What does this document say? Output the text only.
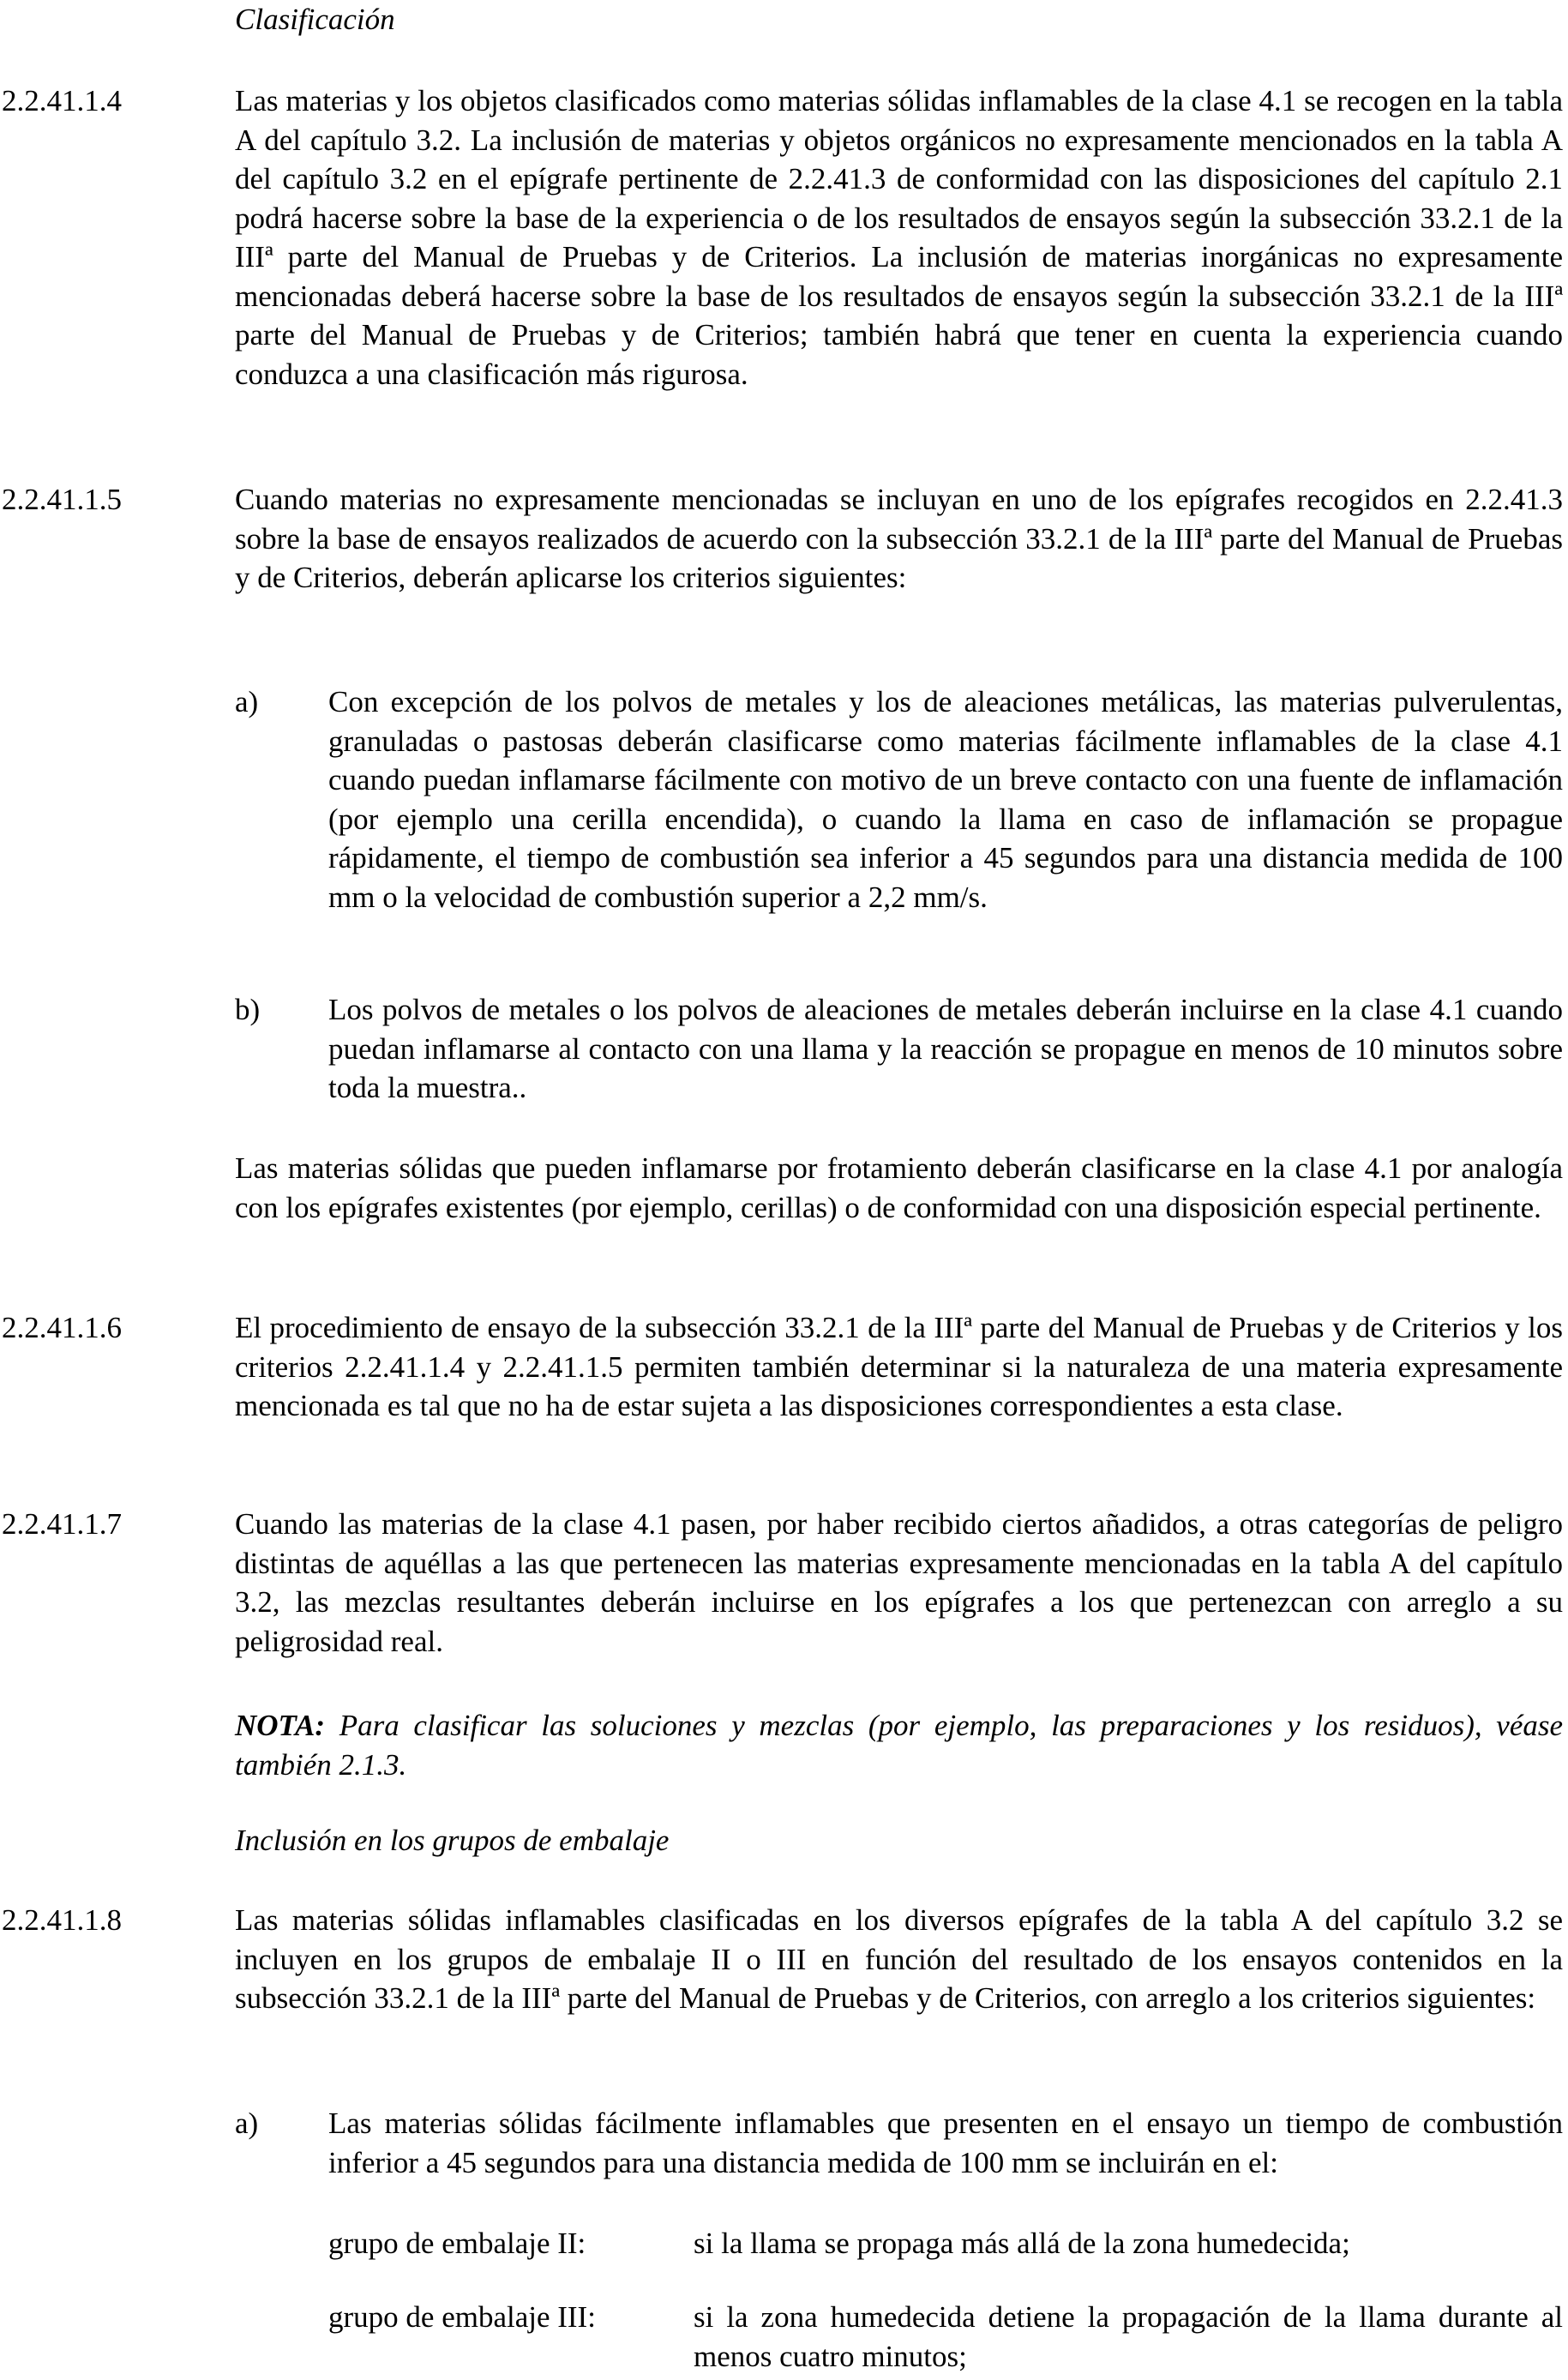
Clasificación
2.2.41.1.4	Las materias y los objetos clasificados como materias sólidas inflamables de la clase 4.1 se recogen en la tabla A del capítulo 3.2. La inclusión de materias y objetos orgánicos no expresamente mencionados en la tabla A del capítulo 3.2 en el epígrafe pertinente de 2.2.41.3 de conformidad con las disposiciones del capítulo 2.1 podrá hacerse sobre la base de la experiencia o de los resultados de ensayos según la subsección 33.2.1 de la IIIª parte del Manual de Pruebas y de Criterios. La inclusión de materias inorgánicas no expresamente mencionadas deberá hacerse sobre la base de los resultados de ensayos según la subsección 33.2.1 de la IIIª parte del Manual de Pruebas y de Criterios; también habrá que tener en cuenta la experiencia cuando conduzca a una clasificación más rigurosa.
2.2.41.1.5	Cuando materias no expresamente mencionadas se incluyan en uno de los epígrafes recogidos en 2.2.41.3 sobre la base de ensayos realizados de acuerdo con la subsección 33.2.1 de la IIIª parte del Manual de Pruebas y de Criterios, deberán aplicarse los criterios siguientes:
a) Con excepción de los polvos de metales y los de aleaciones metálicas, las materias pulverulentas, granuladas o pastosas deberán clasificarse como materias fácilmente inflamables de la clase 4.1 cuando puedan inflamarse fácilmente con motivo de un breve contacto con una fuente de inflamación (por ejemplo una cerilla encendida), o cuando la llama en caso de inflamación se propague rápidamente, el tiempo de combustión sea inferior a 45 segundos para una distancia medida de 100 mm o la velocidad de combustión superior a 2,2 mm/s.
b) Los polvos de metales o los polvos de aleaciones de metales deberán incluirse en la clase 4.1 cuando puedan inflamarse al contacto con una llama y la reacción se propague en menos de 10 minutos sobre toda la muestra..
Las materias sólidas que pueden inflamarse por frotamiento deberán clasificarse en la clase 4.1 por analogía con los epígrafes existentes (por ejemplo, cerillas) o de conformidad con una disposición especial pertinente.
2.2.41.1.6	El procedimiento de ensayo de la subsección 33.2.1 de la IIIª parte del Manual de Pruebas y de Criterios y los criterios 2.2.41.1.4 y 2.2.41.1.5 permiten también determinar si la naturaleza de una materia expresamente mencionada es tal que no ha de estar sujeta a las disposiciones correspondientes a esta clase.
2.2.41.1.7	Cuando las materias de la clase 4.1 pasen, por haber recibido ciertos añadidos, a otras categorías de peligro distintas de aquéllas a las que pertenecen las materias expresamente mencionadas en la tabla A del capítulo 3.2, las mezclas resultantes deberán incluirse en los epígrafes a los que pertenezcan con arreglo a su peligrosidad real.
NOTA: Para clasificar las soluciones y mezclas (por ejemplo, las preparaciones y los residuos), véase también 2.1.3.
Inclusión en los grupos de embalaje
2.2.41.1.8	Las materias sólidas inflamables clasificadas en los diversos epígrafes de la tabla A del capítulo 3.2 se incluyen en los grupos de embalaje II o III en función del resultado de los ensayos contenidos en la subsección 33.2.1 de la IIIª parte del Manual de Pruebas y de Criterios, con arreglo a los criterios siguientes:
a) Las materias sólidas fácilmente inflamables que presenten en el ensayo un tiempo de combustión inferior a 45 segundos para una distancia medida de 100 mm se incluirán en el:
grupo de embalaje II:	si la llama se propaga más allá de la zona humedecida;
grupo de embalaje III:	si la zona humedecida detiene la propagación de la llama durante al menos cuatro minutos;
